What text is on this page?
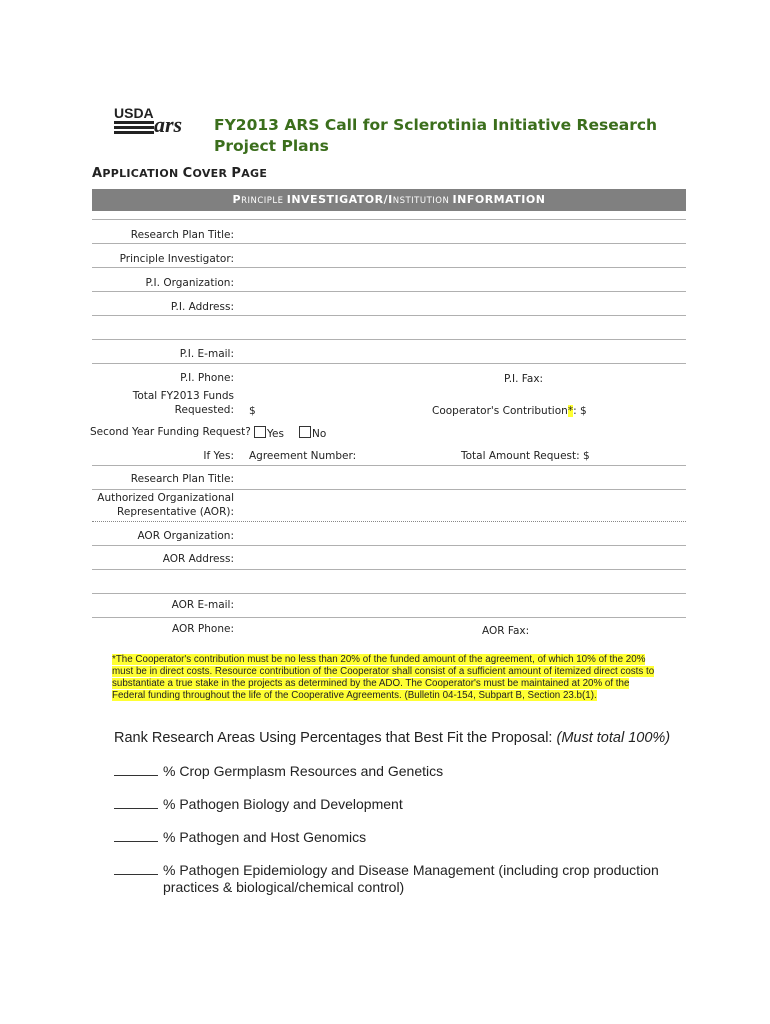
USDA ars FY2013 ARS Call for Sclerotinia Initiative Research
Project Plans
APPLICATION COVER PAGE
PRINCIPLE INVESTIGATOR/INSTITUTION INFORMATION
Research Plan Title:
Principle Investigator:
P.I. Organization:
P.I. Address:
P.I. E-mail:
P.I. Phone:	P.I. Fax:
Total FY2013 Funds
Requested: $	Cooperator's Contribution*: $
Second Year Funding Request?	Yes	No
If Yes: Agreement Number:	Total Amount Request: $
Research Plan Title:
Authorized Organizational
Representative (AOR):
AOR Organization:
AOR Address:
AOR E-mail:
AOR Phone:	AOR Fax:
*The Cooperator's contribution must be no less than 20% of the funded amount of the agreement, of which 10% of the 20%
must be in direct costs. Resource contribution of the Cooperator shall consist of a sufficient amount of itemized direct costs to
substantiate a true stake in the projects as determined by the ADO. The Cooperator's must be maintained at 20% of the
Federal funding throughout the life of the Cooperative Agreements. (Bulletin 04-154, Subpart B, Section 23.b(1).
Rank Research Areas Using Percentages that Best Fit the Proposal: (Must total 100%)
% Crop Germplasm Resources and Genetics
% Pathogen Biology and Development
% Pathogen and Host Genomics
% Pathogen Epidemiology and Disease Management (including crop production practices & biological/chemical control)
